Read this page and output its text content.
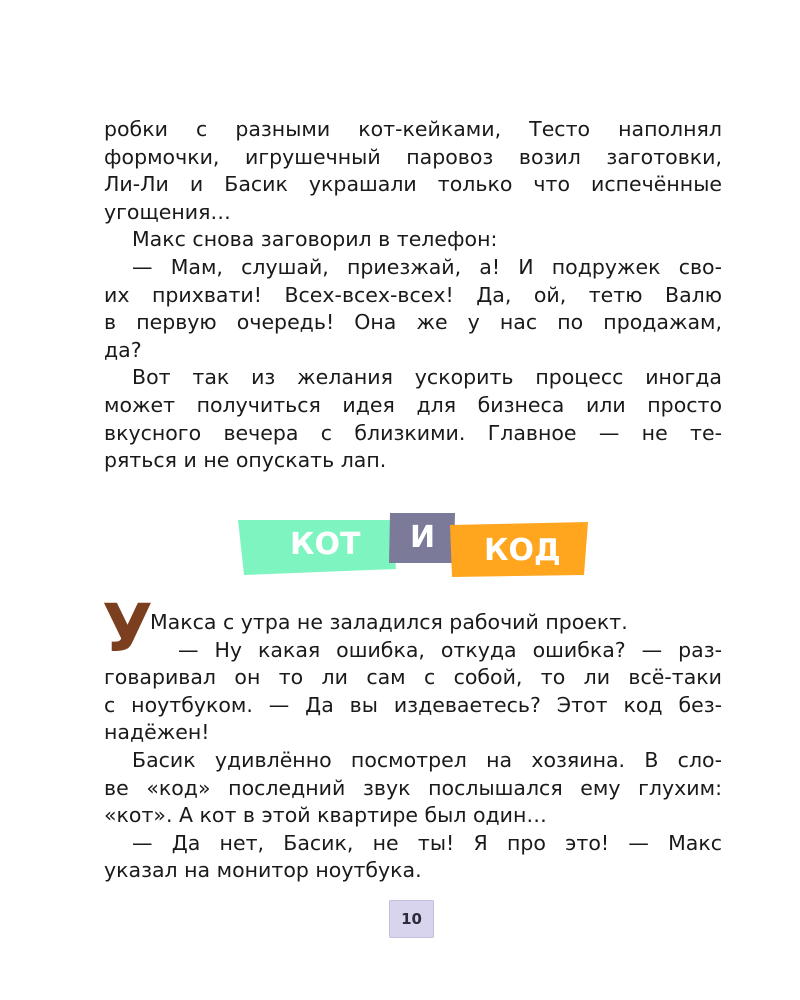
робки с разными кот-кейками, Тесто наполнял
формочки, игрушечный паровоз возил заготовки,
Ли-Ли и Басик украшали только что испечённые
угощения…
Макс снова заговорил в телефон:
— Мам, слушай, приезжай, а! И подружек сво-
их прихвати! Всех-всех-всех! Да, ой, тетю Валю
в первую очередь! Она же у нас по продажам,
да?
Вот так из желания ускорить процесс иногда
может получиться идея для бизнеса или просто
вкусного вечера с близкими. Главное — не те-
ряться и не опускать лап.
КОТ И КОД
У
Макса с утра не заладился рабочий проект.
— Ну какая ошибка, откуда ошибка? — раз-
говаривал он то ли сам с собой, то ли всё-таки
с ноутбуком. — Да вы издеваетесь? Этот код без-
надёжен!
Басик удивлённо посмотрел на хозяина. В сло-
ве «код» последний звук послышался ему глухим:
«кот». А кот в этой квартире был один…
— Да нет, Басик, не ты! Я про это! — Макс
указал на монитор ноутбука.
10
